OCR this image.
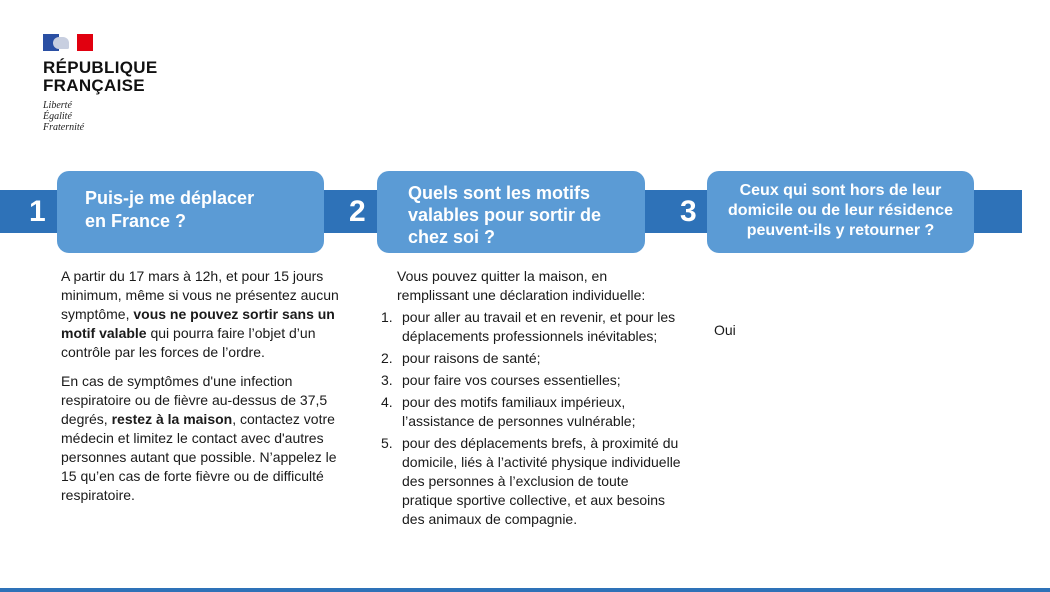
RÉPUBLIQUE
FRANÇAISE
Liberté
Égalité
Fraternité
1	2	3
Puis-je me déplacer
en France ?
Quels sont les motifs
valables pour sortir de
chez soi ?
Ceux qui sont hors de leur
domicile ou de leur résidence
peuvent-ils y retourner ?

A partir du 17 mars à 12h, et pour 15 jours minimum, même si vous ne présentez aucun symptôme, vous ne pouvez sortir sans un motif valable qui pourra faire l’objet d’un contrôle par les forces de l’ordre.

En cas de symptômes d'une infection respiratoire ou de fièvre au-dessus de 37,5 degrés, restez à la maison, contactez votre médecin et limitez le contact avec d'autres personnes autant que possible. N’appelez le 15 qu’en cas de forte fièvre ou de difficulté respiratoire.

Vous pouvez quitter la maison, en remplissant une déclaration individuelle:
1. pour aller au travail et en revenir, et pour les déplacements professionnels inévitables;
2. pour raisons de santé;
3. pour faire vos courses essentielles;
4. pour des motifs familiaux impérieux, l’assistance de personnes vulnérable;
5. pour des déplacements brefs, à proximité du domicile, liés à l’activité physique individuelle des personnes à l’exclusion de toute pratique sportive collective, et aux besoins des animaux de compagnie.
Oui
